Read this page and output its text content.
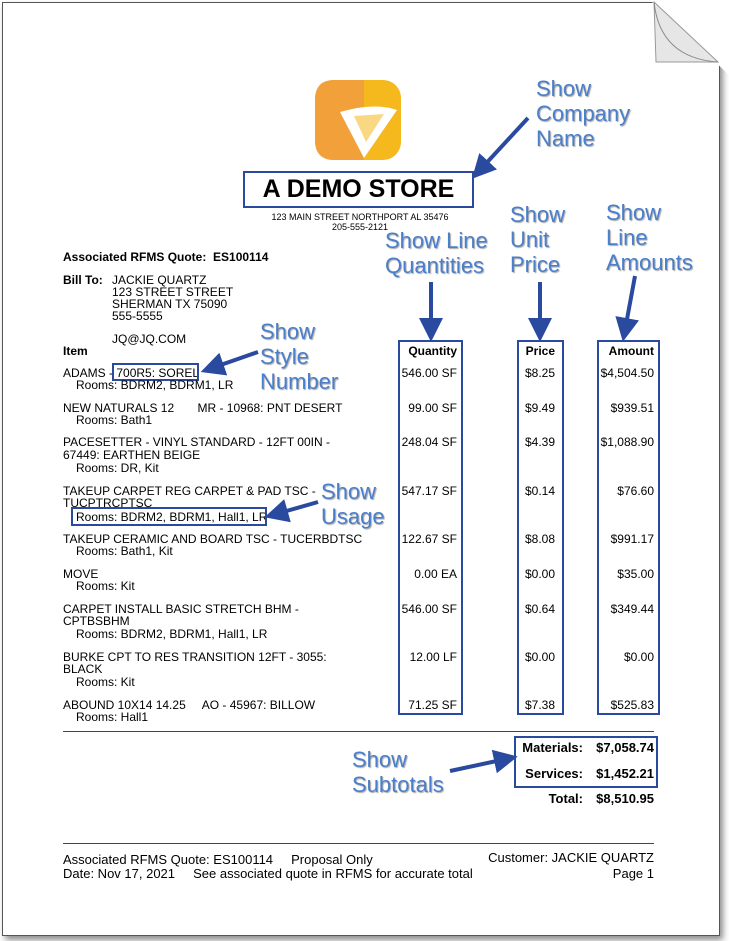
A DEMO STORE
123 MAIN STREET NORTHPORT AL 35476
205-555-2121
Associated RFMS Quote: ES100114
Bill To: JACKIE QUARTZ
123 STREET STREET
SHERMAN TX 75090
555-5555
JQ@JQ.COM
Item	Quantity	Price	Amount
ADAMS - 700R5: SOREL
Rooms: BDRM2, BDRM1, LR
546.00 SF	$8.25	$4,504.50
NEW NATURALS 12       MR - 10968: PNT DESERT
Rooms: Bath1
99.00 SF	$9.49	$939.51
PACESETTER - VINYL STANDARD - 12FT 00IN -
67449: EARTHEN BEIGE
Rooms: DR, Kit
248.04 SF	$4.39	$1,088.90
TAKEUP CARPET REG CARPET & PAD TSC -
TUCPTRCPTSC
Rooms: BDRM2, BDRM1, Hall1, LR
547.17 SF	$0.14	$76.60
TAKEUP CERAMIC AND BOARD TSC - TUCERBDTSC
Rooms: Bath1, Kit
122.67 SF	$8.08	$991.17
MOVE
Rooms: Kit
0.00 EA	$0.00	$35.00
CARPET INSTALL BASIC STRETCH BHM -
CPTBSBHM
Rooms: BDRM2, BDRM1, Hall1, LR
546.00 SF	$0.64	$349.44
BURKE CPT TO RES TRANSITION 12FT - 3055:
BLACK
Rooms: Kit
12.00 LF	$0.00	$0.00
ABOUND 10X14 14.25     AO - 45967: BILLOW
Rooms: Hall1
71.25 SF	$7.38	$525.83
Materials:	$7,058.74
Services:	$1,452.21
Total:	$8,510.95
Associated RFMS Quote: ES100114 Proposal Only	Customer: JACKIE QUARTZ
Date: Nov 17, 2021 See associated quote in RFMS for accurate total	Page 1
Show
Company
Name
Show Line
Quantities
Show
Unit
Price
Show
Line
Amounts
Show
Style
Number
Show
Usage
Show
Subtotals
